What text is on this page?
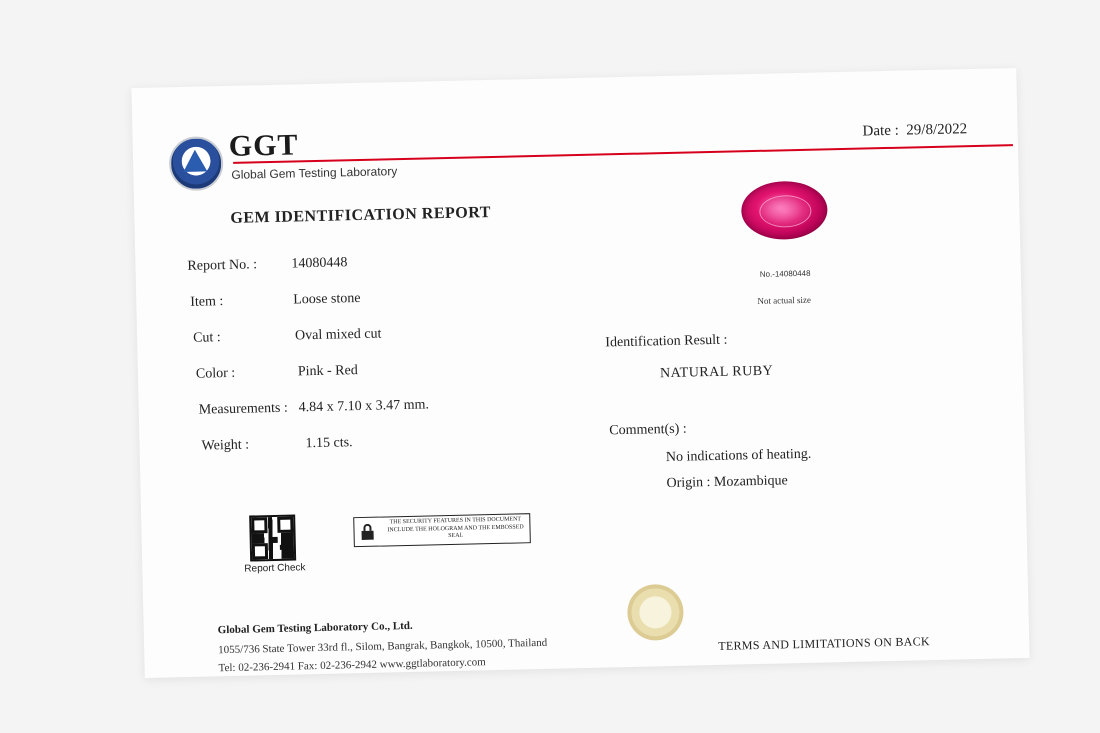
GGT
Global Gem Testing Laboratory
Date : 29/8/2022
GEM IDENTIFICATION REPORT
Report No. : 14080448
Item :	Loose stone
Cut :	Oval mixed cut
Color :	Pink - Red
Measurements : 4.84 x 7.10 x 3.47 mm.
Weight :	1.15 cts.
No.-14080448
Not actual size
Identification Result :
NATURAL RUBY
Comment(s) :
No indications of heating.
Origin : Mozambique
Report Check
THE SECURITY FEATURES IN THIS DOCUMENT INCLUDE THE HOLOGRAM AND THE EMBOSSED SEAL
Global Gem Testing Laboratory Co., Ltd.
1055/736 State Tower 33rd fl., Silom, Bangrak, Bangkok, 10500, Thailand
Tel: 02-236-2941 Fax: 02-236-2942 www.ggtlaboratory.com
TERMS AND LIMITATIONS ON BACK
